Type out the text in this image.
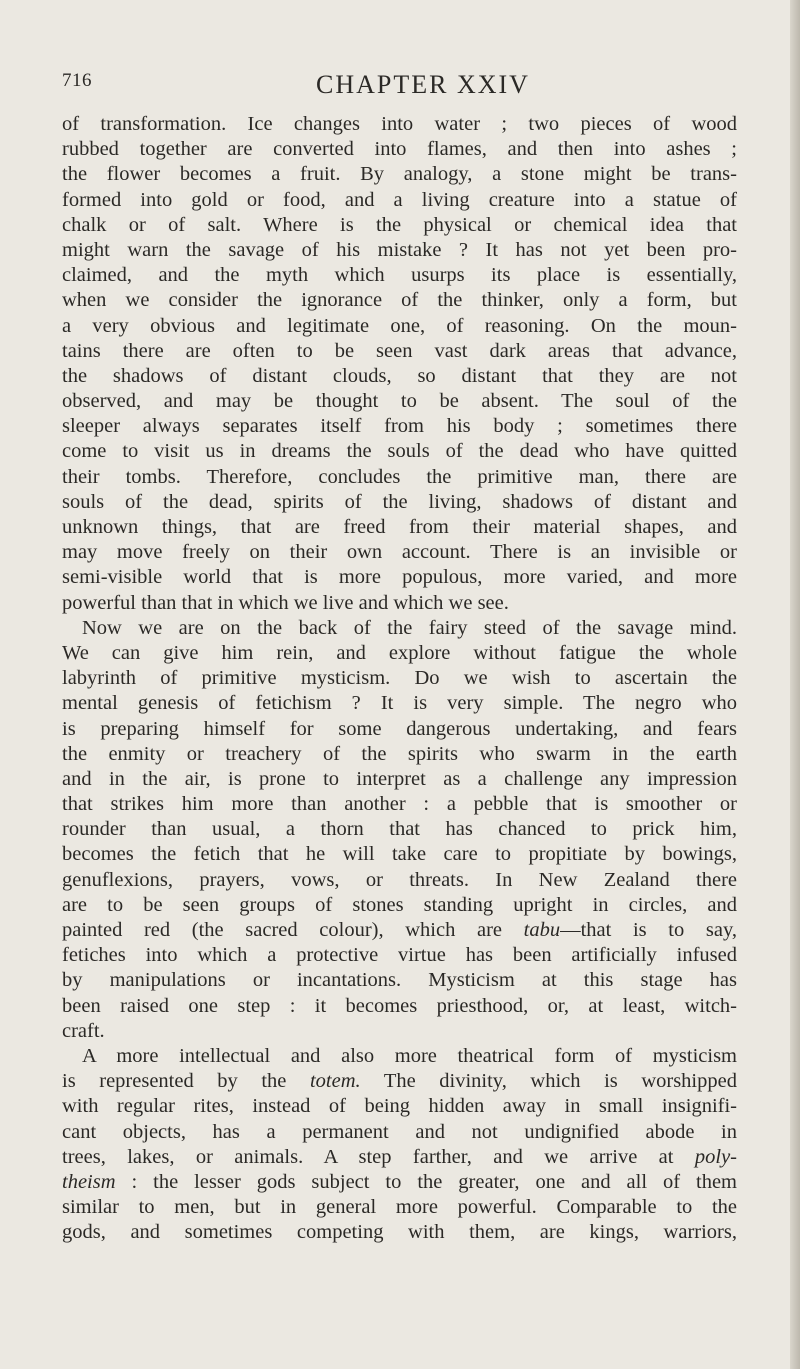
716	CHAPTER XXIV
of transformation. Ice changes into water ; two pieces of wood
rubbed together are converted into flames, and then into ashes ;
the flower becomes a fruit. By analogy, a stone might be trans-
formed into gold or food, and a living creature into a statue of
chalk or of salt. Where is the physical or chemical idea that
might warn the savage of his mistake ? It has not yet been pro-
claimed, and the myth which usurps its place is essentially,
when we consider the ignorance of the thinker, only a form, but
a very obvious and legitimate one, of reasoning. On the moun-
tains there are often to be seen vast dark areas that advance,
the shadows of distant clouds, so distant that they are not
observed, and may be thought to be absent. The soul of the
sleeper always separates itself from his body ; sometimes there
come to visit us in dreams the souls of the dead who have quitted
their tombs. Therefore, concludes the primitive man, there are
souls of the dead, spirits of the living, shadows of distant and
unknown things, that are freed from their material shapes, and
may move freely on their own account. There is an invisible or
semi-visible world that is more populous, more varied, and more
powerful than that in which we live and which we see.
Now we are on the back of the fairy steed of the savage mind.
We can give him rein, and explore without fatigue the whole
labyrinth of primitive mysticism. Do we wish to ascertain the
mental genesis of fetichism ? It is very simple. The negro who
is preparing himself for some dangerous undertaking, and fears
the enmity or treachery of the spirits who swarm in the earth
and in the air, is prone to interpret as a challenge any impression
that strikes him more than another : a pebble that is smoother or
rounder than usual, a thorn that has chanced to prick him,
becomes the fetich that he will take care to propitiate by bowings,
genuflexions, prayers, vows, or threats. In New Zealand there
are to be seen groups of stones standing upright in circles, and
painted red (the sacred colour), which are tabu—that is to say,
fetiches into which a protective virtue has been artificially infused
by manipulations or incantations. Mysticism at this stage has
been raised one step : it becomes priesthood, or, at least, witch-
craft.
A more intellectual and also more theatrical form of mysticism
is represented by the totem. The divinity, which is worshipped
with regular rites, instead of being hidden away in small insignifi-
cant objects, has a permanent and not undignified abode in
trees, lakes, or animals. A step farther, and we arrive at poly-
theism : the lesser gods subject to the greater, one and all of them
similar to men, but in general more powerful. Comparable to the
gods, and sometimes competing with them, are kings, warriors,
